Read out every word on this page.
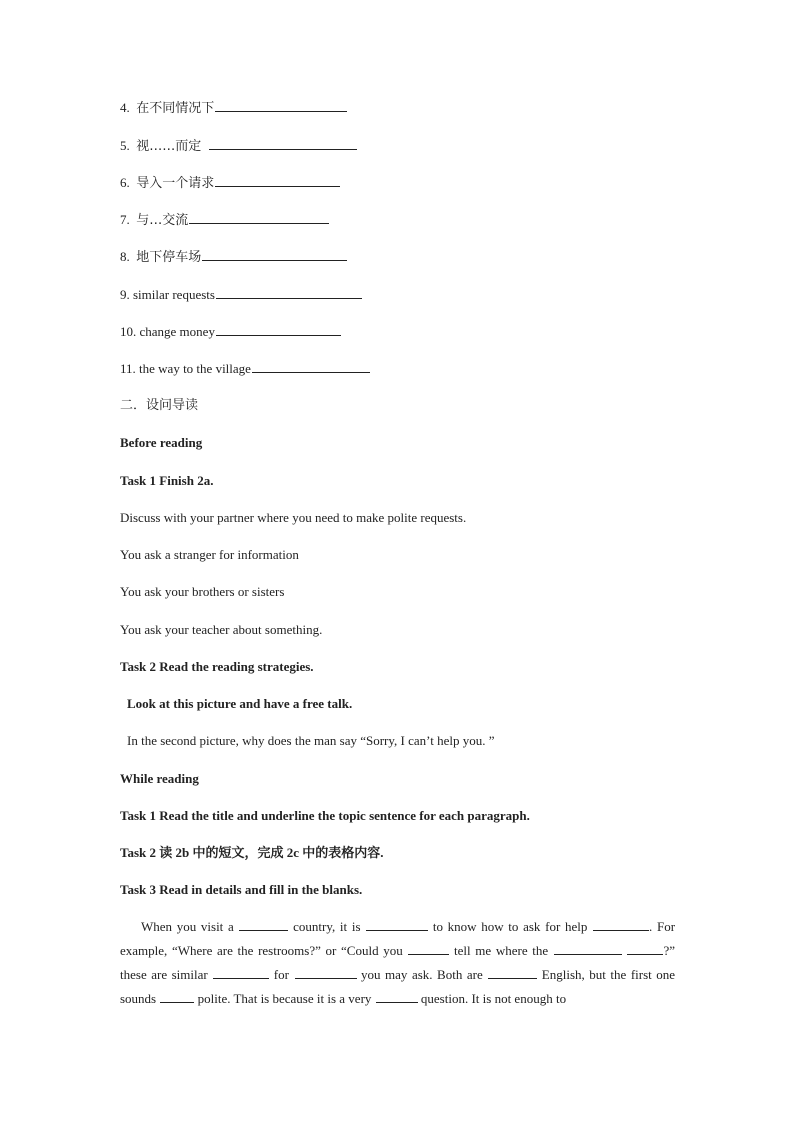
4. 在不同情况下
5. 视……而定
6. 导入一个请求
7. 与…交流
8. 地下停车场
9. similar requests
10. change money
11. the way to the village
二．设问导读
Before reading
Task 1 Finish 2a.
Discuss with your partner where you need to make polite requests.
You ask a stranger for information
You ask your brothers or sisters
You ask your teacher about something.
Task 2 Read the reading strategies.
Look at this picture and have a free talk.
In the second picture, why does the man say “Sorry, I can’t help you. ”
While reading
Task 1 Read the title and underline the topic sentence for each paragraph.
Task 2 读 2b 中的短文，完成 2c 中的表格内容.
Task 3 Read in details and fill in the blanks.
When you visit a	country, it is	to know how to ask for help	. For example, “Where are the restrooms?” or “Could you	tell me where the	?” these are similar	for	you may ask. Both are	English, but the first one sounds	polite. That is because it is a very	question. It is not enough to
